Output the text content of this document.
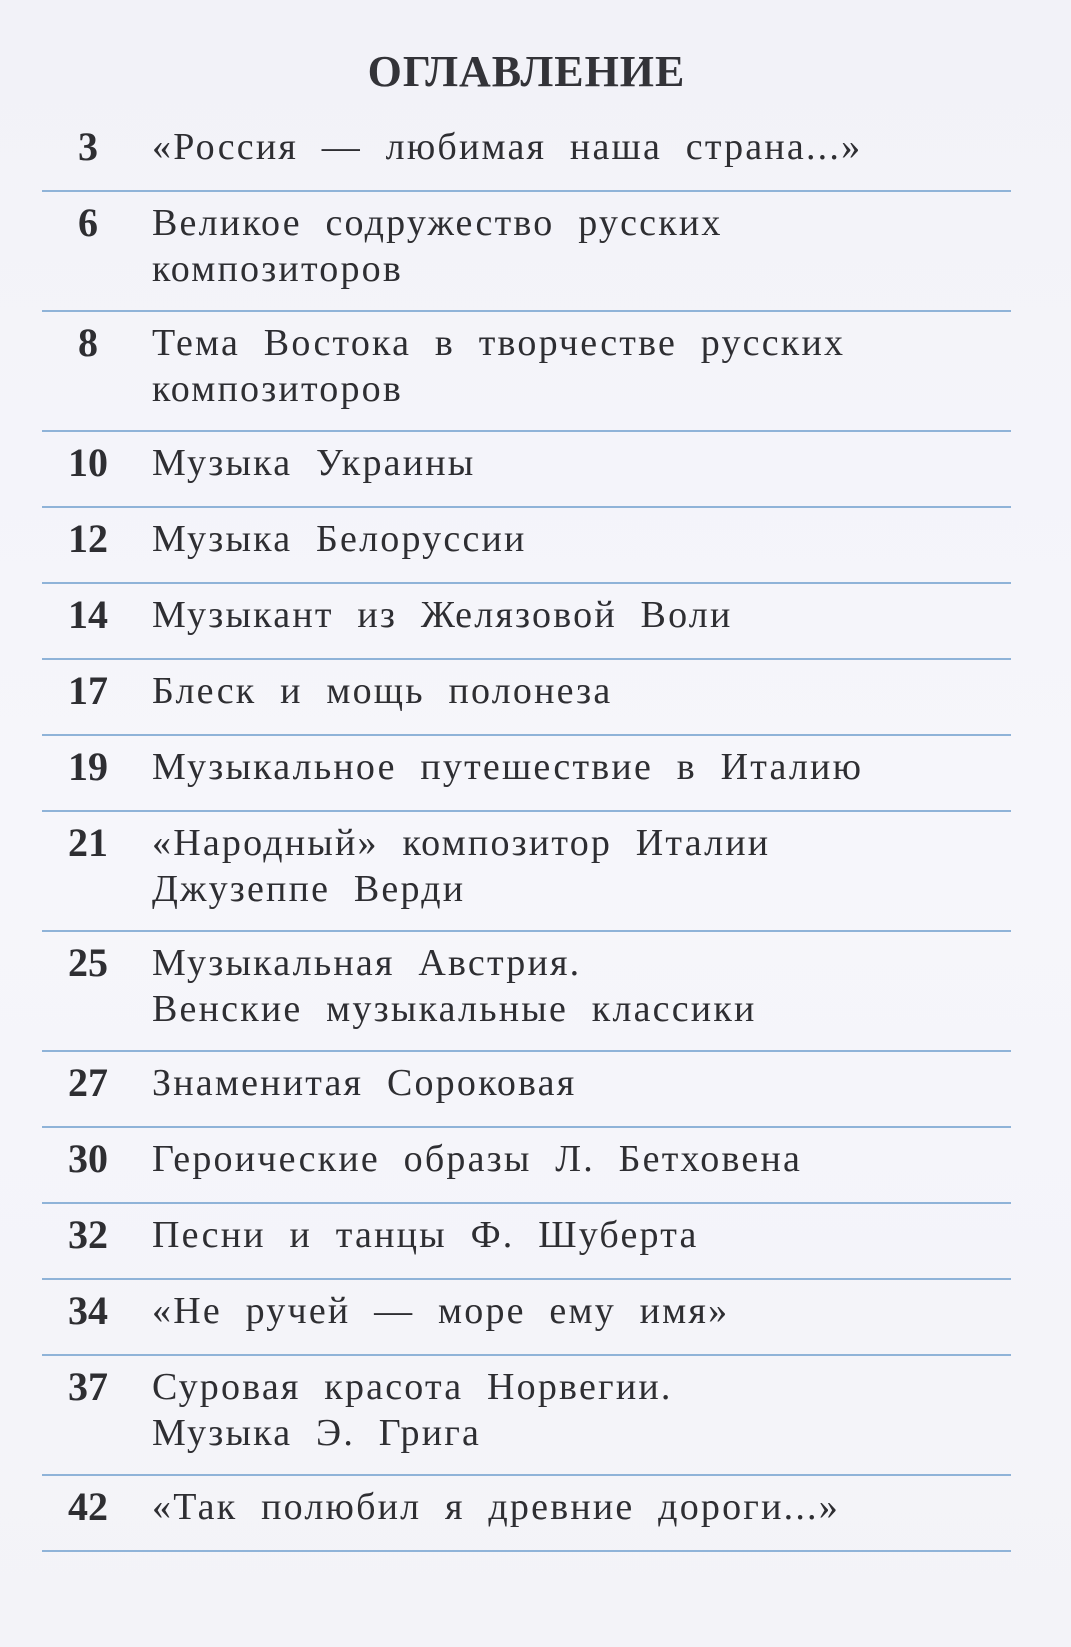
ОГЛАВЛЕНИЕ
3	«Россия — любимая наша страна...»
6	Великое содружество русских
композиторов
8	Тема Востока в творчестве русских
композиторов
10	Музыка Украины
12	Музыка Белоруссии
14	Музыкант из Желязовой Воли
17	Блеск и мощь полонеза
19	Музыкальное путешествие в Италию
21	«Народный» композитор Италии
Джузеппе Верди
25	Музыкальная Австрия.
Венские музыкальные классики
27	Знаменитая Сороковая
30	Героические образы Л. Бетховена
32	Песни и танцы Ф. Шуберта
34	«Не ручей — море ему имя»
37	Суровая красота Норвегии.
Музыка Э. Грига
42	«Так полюбил я древние дороги...»
